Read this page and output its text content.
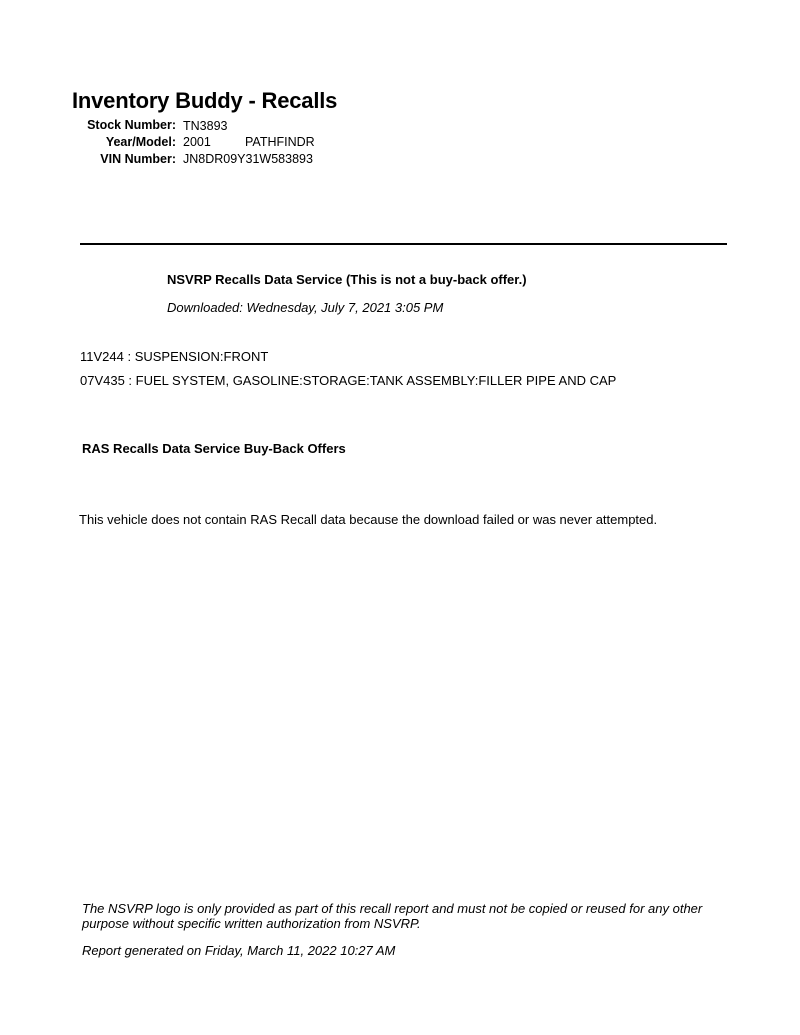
Inventory Buddy - Recalls
Stock Number: TN3893
Year/Model: 2001	PATHFINDR
VIN Number: JN8DR09Y31W583893
NSVRP Recalls Data Service (This is not a buy-back offer.)
Downloaded: Wednesday, July 7, 2021 3:05 PM
11V244 : SUSPENSION:FRONT
07V435 : FUEL SYSTEM, GASOLINE:STORAGE:TANK ASSEMBLY:FILLER PIPE AND CAP
RAS Recalls Data Service Buy-Back Offers
This vehicle does not contain RAS Recall data because the download failed or was never attempted.
The NSVRP logo is only provided as part of this recall report and must not be copied or reused for any other purpose without specific written authorization from NSVRP.
Report generated on Friday, March 11, 2022 10:27 AM
